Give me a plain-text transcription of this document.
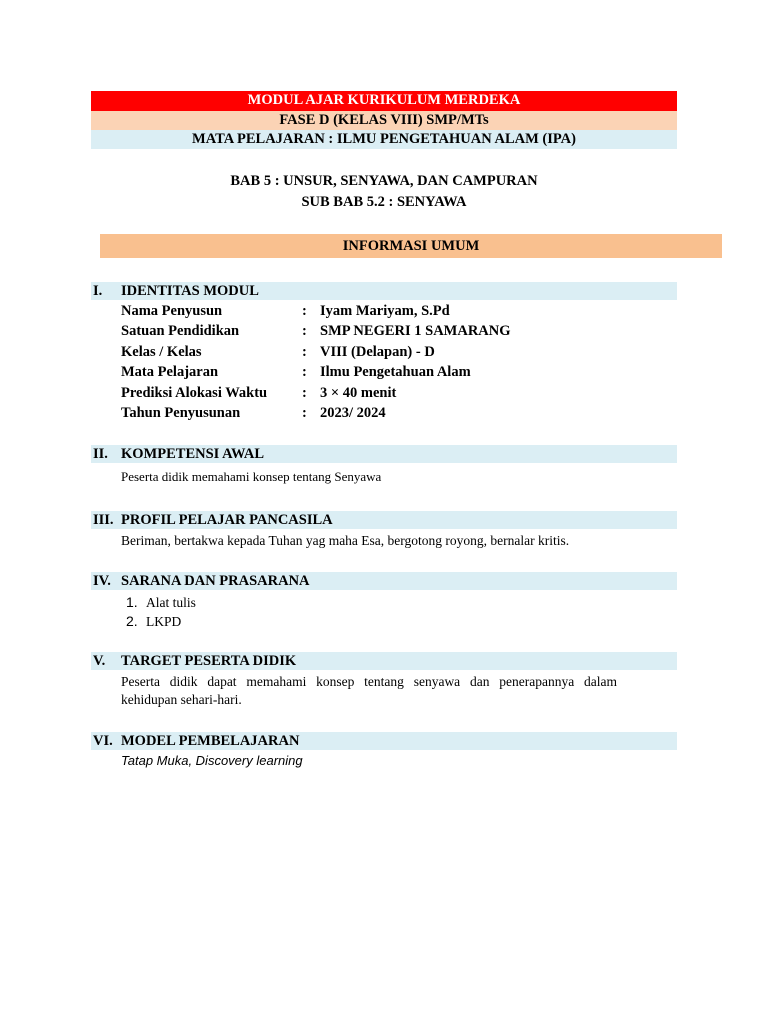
MODUL AJAR KURIKULUM MERDEKA
FASE D (KELAS VIII) SMP/MTs
MATA PELAJARAN : ILMU PENGETAHUAN ALAM (IPA)
BAB 5 : UNSUR, SENYAWA, DAN CAMPURAN
SUB BAB 5.2 : SENYAWA
INFORMASI UMUM
I. IDENTITAS MODUL
Nama Penyusun	: Iyam Mariyam, S.Pd
Satuan Pendidikan	: SMP NEGERI 1 SAMARANG
Kelas / Kelas	: VIII (Delapan) - D
Mata Pelajaran	: Ilmu Pengetahuan Alam
Prediksi Alokasi Waktu : 3 × 40 menit
Tahun Penyusunan	: 2023/ 2024
II. KOMPETENSI AWAL
Peserta didik memahami konsep tentang Senyawa
III. PROFIL PELAJAR PANCASILA
Beriman, bertakwa kepada Tuhan yag maha Esa, bergotong royong, bernalar kritis.
IV. SARANA DAN PRASARANA
1. Alat tulis
2. LKPD
V. TARGET PESERTA DIDIK
Peserta didik dapat memahami konsep tentang senyawa dan penerapannya dalam kehidupan sehari-hari.
VI. MODEL PEMBELAJARAN
Tatap Muka, Discovery learning
